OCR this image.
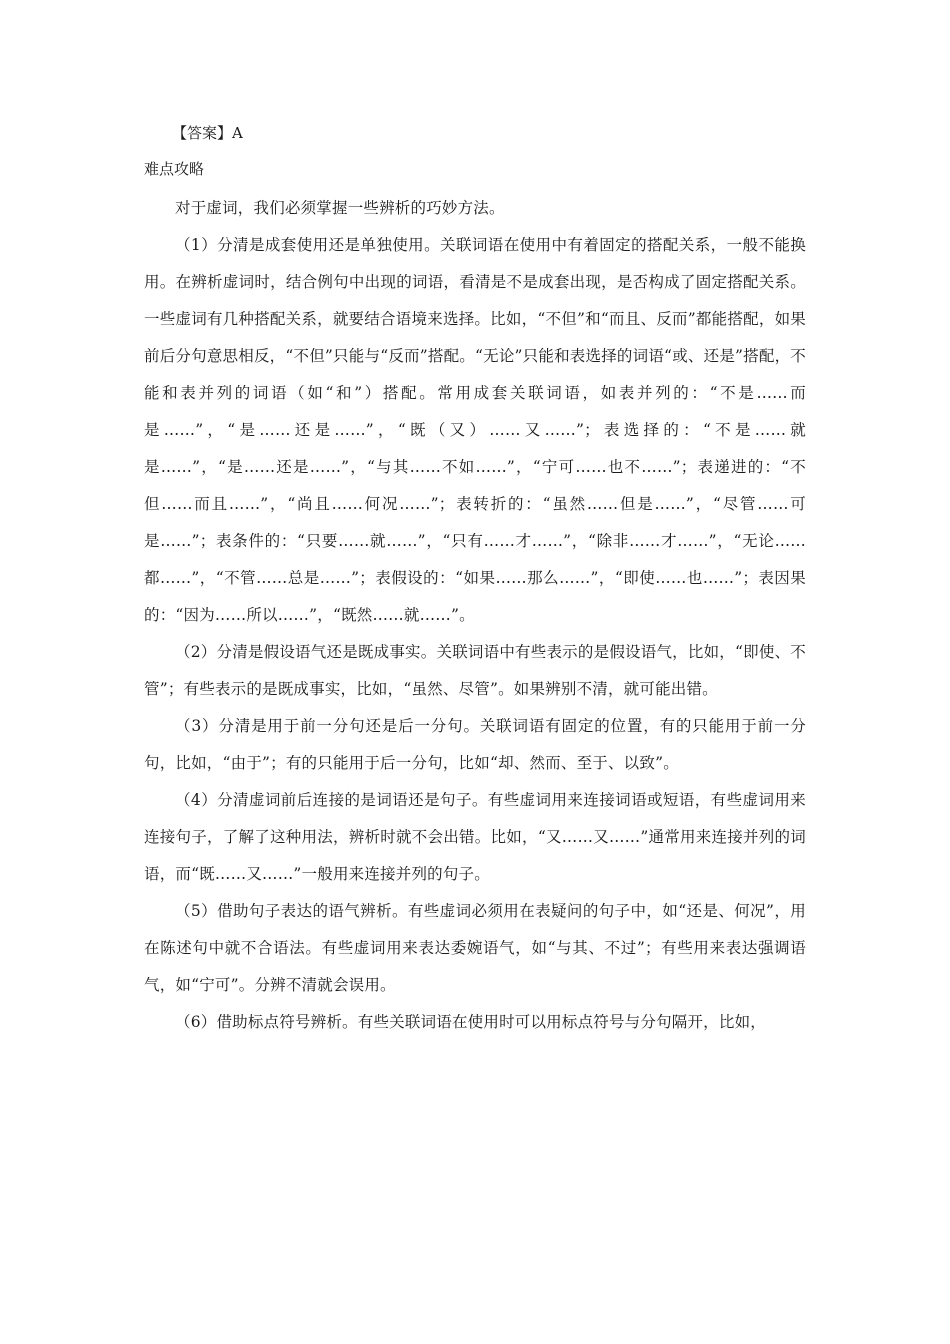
【答案】A
难点攻略

对于虚词，我们必须掌握一些辨析的巧妙方法。

（1）分清是成套使用还是单独使用。关联词语在使用中有着固定的搭配关系，一般不能换用。在辨析虚词时，结合例句中出现的词语，看清是不是成套出现，是否构成了固定搭配关系。一些虚词有几种搭配关系，就要结合语境来选择。比如，“不但”和“而且、反而”都能搭配，如果前后分句意思相反，“不但”只能与“反而”搭配。“无论”只能和表选择的词语“或、还是”搭配，不能和表并列的词语（如“和”）搭配。常用成套关联词语，如表并列的：“不是……而是……”，“是……还是……”，“既（又）……又……”；表选择的：“不是……就是……”，“是……还是……”，“与其……不如……”，“宁可……也不……”；表递进的：“不但……而且……”，“尚且……何况……”；表转折的：“虽然……但是……”，“尽管……可是……”；表条件的：“只要……就……”，“只有……才……”，“除非……才……”，“无论……都……”，“不管……总是……”；表假设的：“如果……那么……”，“即使……也……”；表因果的：“因为……所以……”，“既然……就……”。

（2）分清是假设语气还是既成事实。关联词语中有些表示的是假设语气，比如，“即使、不管”；有些表示的是既成事实，比如，“虽然、尽管”。如果辨别不清，就可能出错。

（3）分清是用于前一分句还是后一分句。关联词语有固定的位置，有的只能用于前一分句，比如，“由于”；有的只能用于后一分句，比如“却、然而、至于、以致”。

（4）分清虚词前后连接的是词语还是句子。有些虚词用来连接词语或短语，有些虚词用来连接句子，了解了这种用法，辨析时就不会出错。比如，“又……又……”通常用来连接并列的词语，而“既……又……”一般用来连接并列的句子。

（5）借助句子表达的语气辨析。有些虚词必须用在表疑问的句子中，如“还是、何况”，用在陈述句中就不合语法。有些虚词用来表达委婉语气，如“与其、不过”；有些用来表达强调语气，如“宁可”。分辨不清就会误用。

（6）借助标点符号辨析。有些关联词语在使用时可以用标点符号与分句隔开，比如，
